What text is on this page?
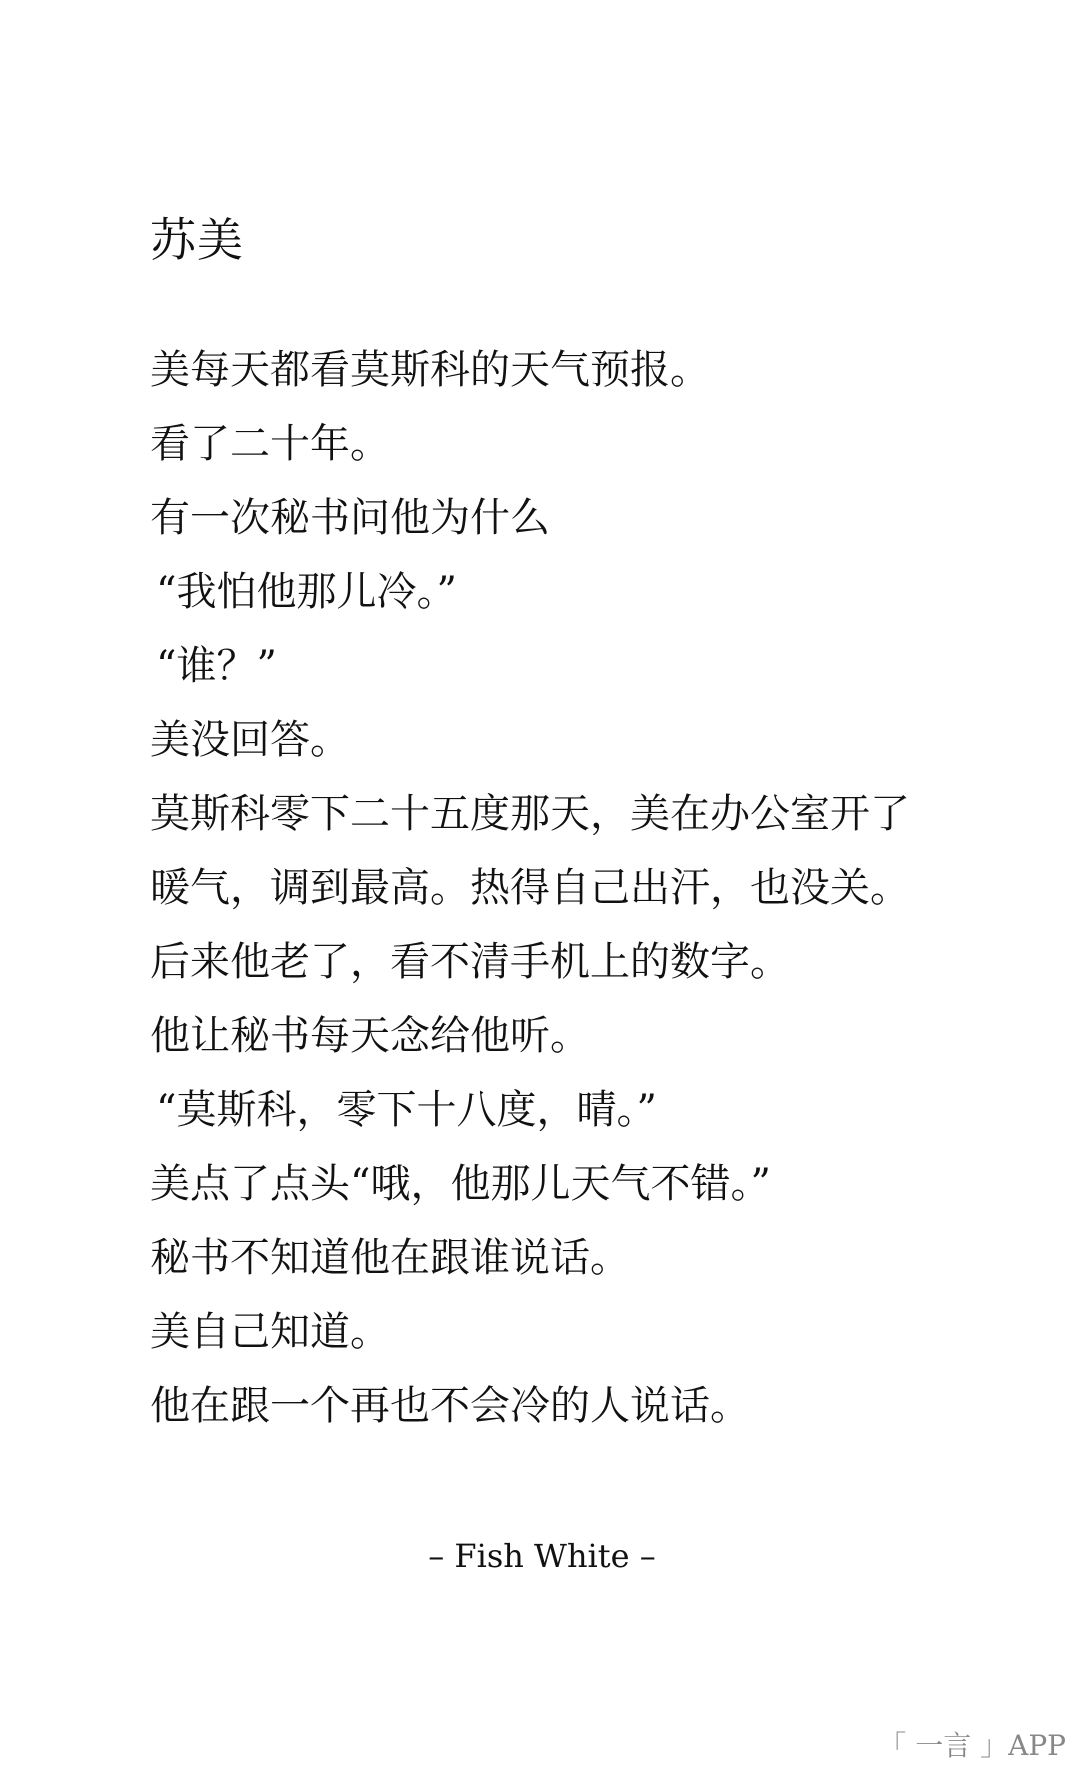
苏美
美每天都看莫斯科的天气预报。
看了二十年。
有一次秘书问他为什么
“我怕他那儿冷。”
“谁？”
美没回答。
莫斯科零下二十五度那天，美在办公室开了
暖气，调到最高。热得自己出汗，也没关。
后来他老了，看不清手机上的数字。
他让秘书每天念给他听。
“莫斯科，零下十八度，晴。”
美点了点头“哦，他那儿天气不错。”
秘书不知道他在跟谁说话。
美自己知道。
他在跟一个再也不会冷的人说话。
– Fish White –
「 一言 」APP
